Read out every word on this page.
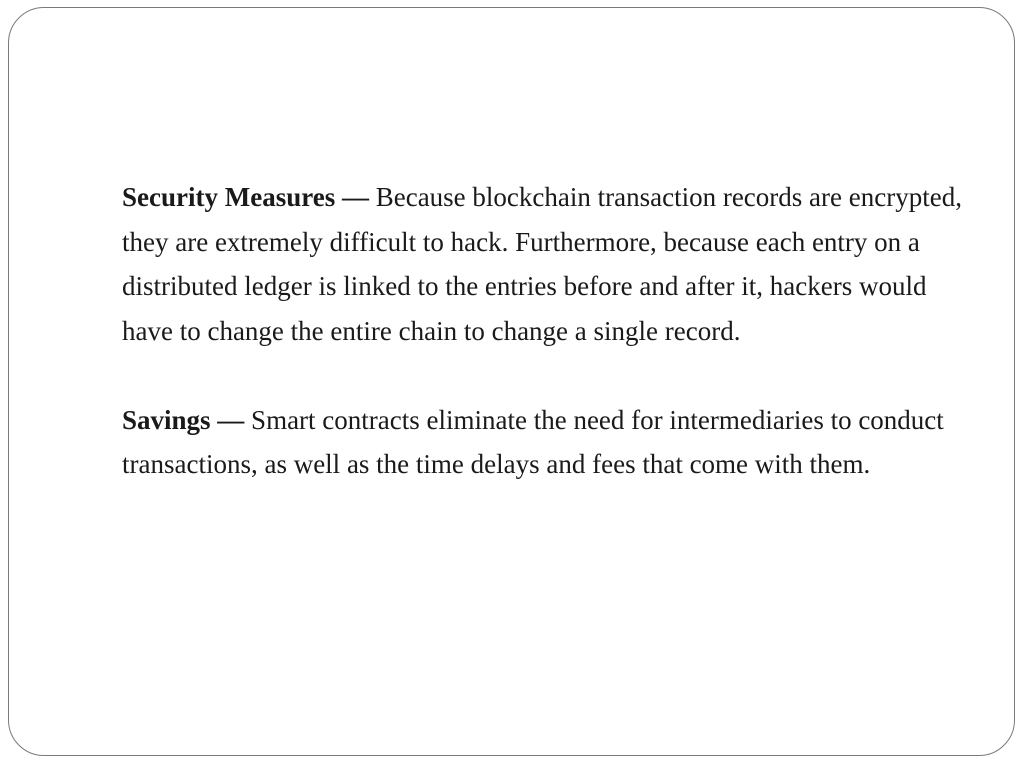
Security Measures — Because blockchain transaction records are encrypted, they are extremely difficult to hack. Furthermore, because each entry on a distributed ledger is linked to the entries before and after it, hackers would have to change the entire chain to change a single record.

Savings — Smart contracts eliminate the need for intermediaries to conduct transactions, as well as the time delays and fees that come with them.
